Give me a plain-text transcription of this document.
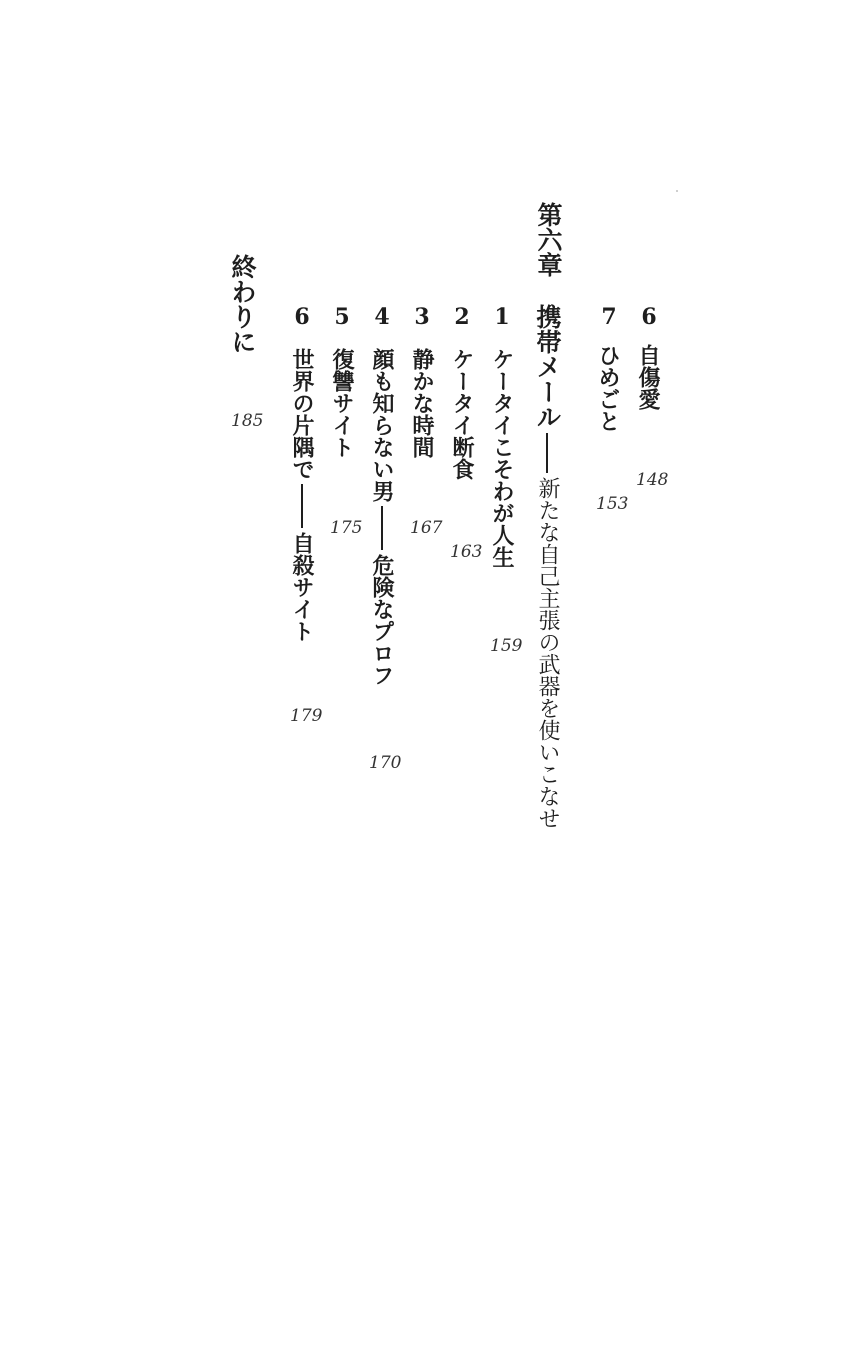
6
自傷愛
148
7
ひめごと
153
第六章
携帯メール新たな自己主張の武器を使いこなせ
1
ケータイこそわが人生
159
2
ケータイ断食
163
3
静かな時間
167
4
顔も知らない男危険なプロフ
170
5
復讐サイト
175
6
世界の片隅で自殺サイト
179
終わりに
185
